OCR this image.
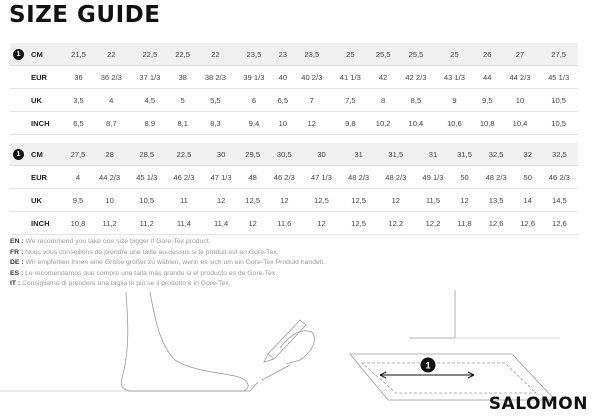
SIZE GUIDE
1	CM	21,5	22	22,5	22,5	22	23,5	23	23,5	25	25,5	25,5	25	26	27	27,5
	EUR	36	36 2/3	37 1/3	38	38 2/3	39 1/3	40	40 2/3	41 1/3	42	42 2/3	43 1/3	44	44 2/3	45 1/3
	UK	3,5	4	4,5	5	5,5	6	6,5	7	7,5	8	8,5	9	9,5	10	10,5
	INCH	6,5	8,7	8,9	8,1	8,3	9,4	10	12	9,8	10,2	10,4	10,6	10,8	10,4	10,5
1	CM	27,5	28	28,5	22,5	30	29,5	30,5	30	31	31,5	31	31,5	32,5	32	32,5
	EUR	4	44 2/3	45 1/3	46 2/3	47 1/3	48	46 2/3	47 1/3	48 2/3	48 2/3	49 1/3	50	48 2/3	50	46 2/3
	UK	9,5	10	10,5	11	12	12,5	12	12,5	12,5	12	11,5	12	13,5	14	14,5
	INCH	10,8	11,2	11,2	11,4	11,4	12	11,6	12	12,5	12,2	12,2	11,8	12,6	12,6	12,6
EN : We recommend you take one size bigger if Gore-Tex product.
FR : Nous vous conseillons de prendre une taille au-dessus si le produit est en Gore-Tex.
DE : Wir empfehlen Ihnen eine Größe größer zu wählen, wenn es sich um ein Gore-Tex Produkt handelt.
ES : Le recomendamos que compre una talla más grande si el producto es de Gore-Tex.
IT : Consigliamo di prendere una taglia in più se il prodotto è in Gore-Tex.
1
SALOMON
